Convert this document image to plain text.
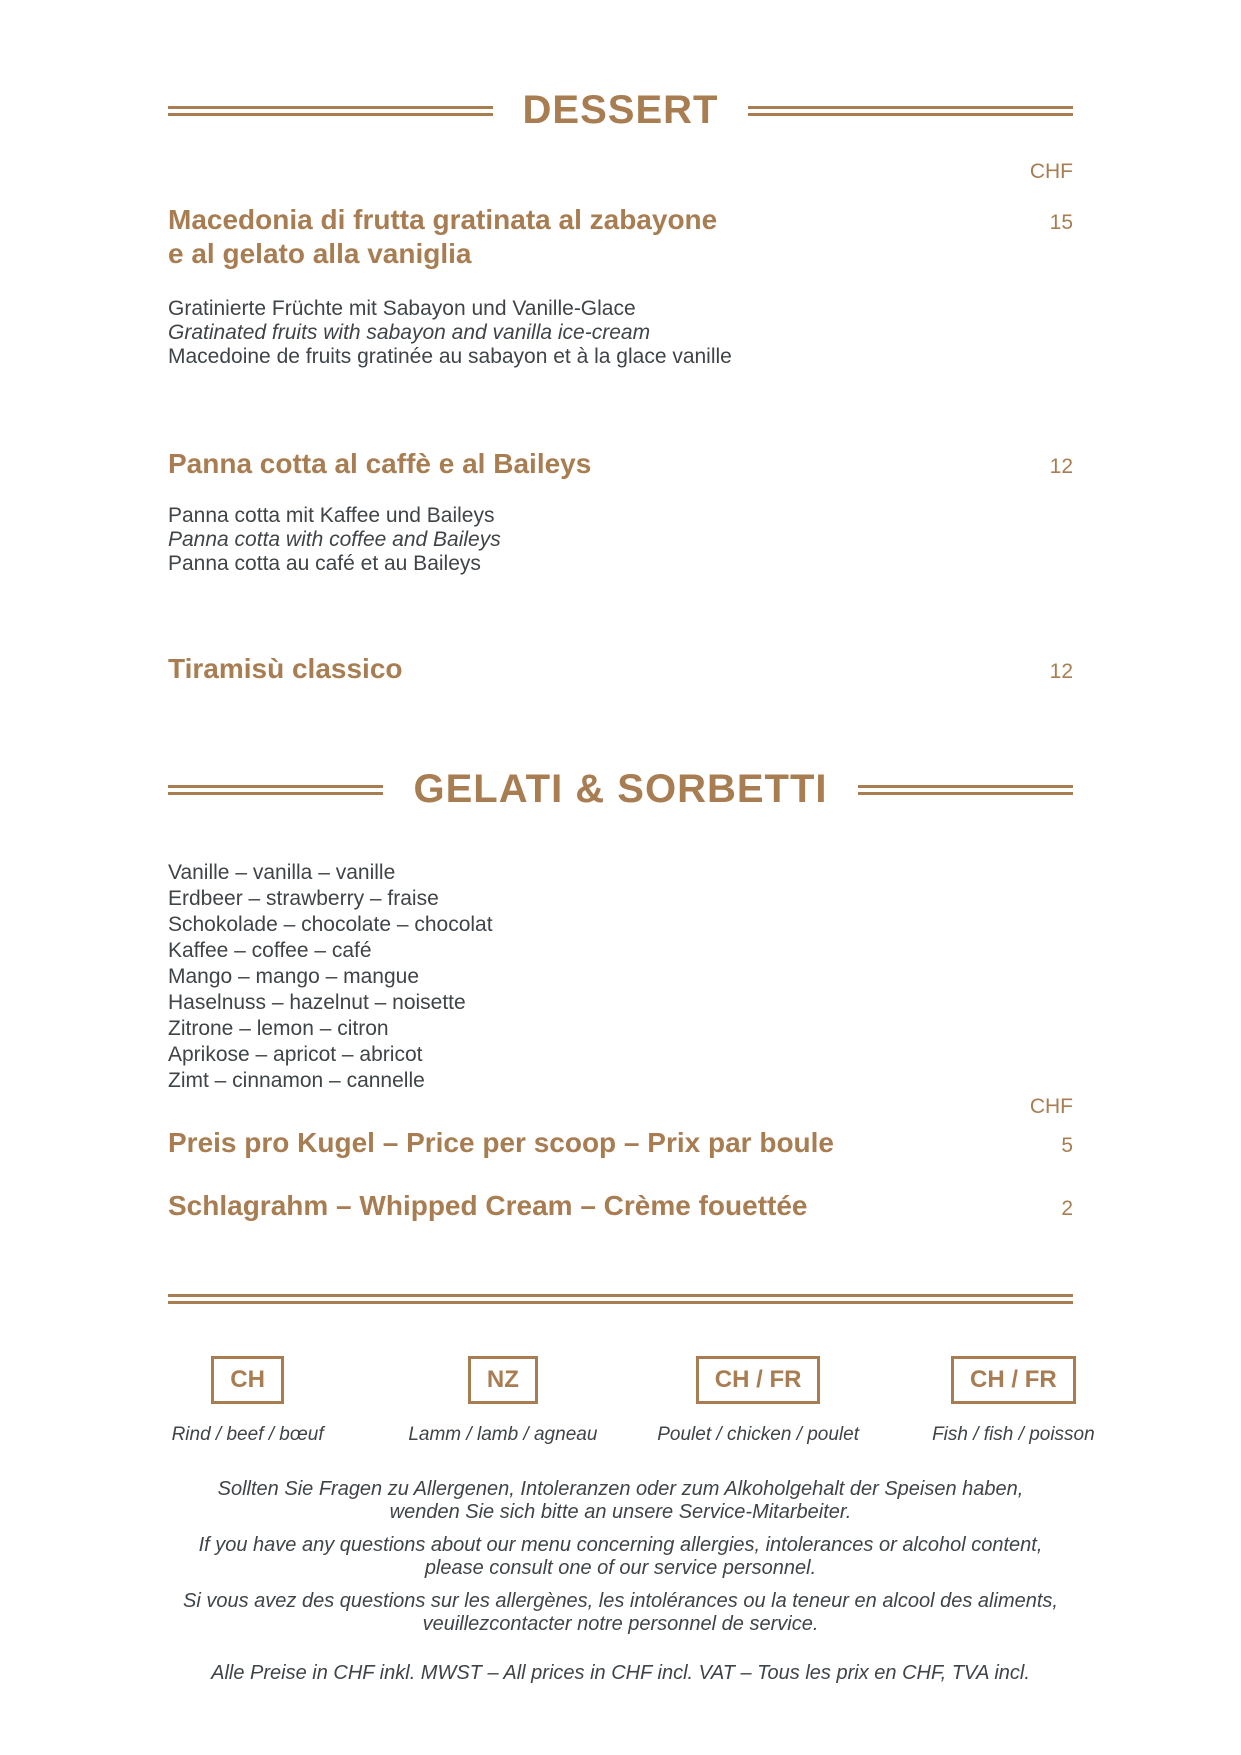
DESSERT
CHF
Macedonia di frutta gratinata al zabayone
e al gelato alla vaniglia
15
Gratinierte Früchte mit Sabayon und Vanille-Glace
Gratinated fruits with sabayon and vanilla ice-cream
Macedoine de fruits gratinée au sabayon et à la glace vanille
Panna cotta al caffè e al Baileys	12
Panna cotta mit Kaffee und Baileys
Panna cotta with coffee and Baileys
Panna cotta au café et au Baileys
Tiramisù classico	12
GELATI & SORBETTI
Vanille – vanilla – vanille
Erdbeer – strawberry – fraise
Schokolade – chocolate – chocolat
Kaffee – coffee – café
Mango – mango – mangue
Haselnuss – hazelnut – noisette
Zitrone – lemon – citron
Aprikose – apricot – abricot
Zimt – cinnamon – cannelle
CHF
Preis pro Kugel – Price per scoop – Prix par boule	5
Schlagrahm – Whipped Cream – Crème fouettée	2
CH
Rind / beef / bœuf
NZ
Lamm / lamb / agneau
CH / FR
Poulet / chicken / poulet
CH / FR
Fish / fish / poisson
Sollten Sie Fragen zu Allergenen, Intoleranzen oder zum Alkoholgehalt der Speisen haben,
wenden Sie sich bitte an unsere Service-Mitarbeiter.
If you have any questions about our menu concerning allergies, intolerances or alcohol content,
please consult one of our service personnel.
Si vous avez des questions sur les allergènes, les intolérances ou la teneur en alcool des aliments,
veuillezcontacter notre personnel de service.
Alle Preise in CHF inkl. MWST – All prices in CHF incl. VAT – Tous les prix en CHF, TVA incl.
